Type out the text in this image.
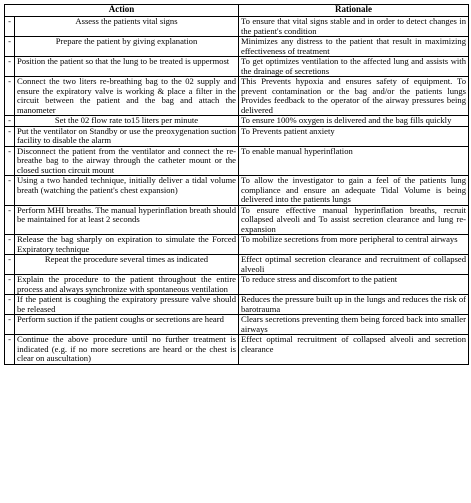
Action		Rationale
-	Assess the patients vital signs	To ensure that vital signs stable and in order to detect changes in the patient's condition
-	Prepare the patient by giving explanation	Minimizes any distress to the patient that result in maximizing effectiveness of treatment
-	Position the patient so that the lung to be treated is uppermost	To get optimizes ventilation to the affected lung and assists with the drainage of secretions
-	Connect the two liters re-breathing bag to the 02 supply and ensure the expiratory valve is working & place a filter in the circuit between the patient and the bag and attach the manometer	This Prevents hypoxia and ensures safety of equipment. To prevent contamination or the bag and/or the patients lungs Provides feedback to the operator of the airway pressures being delivered
-	Set the 02 flow rate to15 liters per minute	To ensure 100% oxygen is delivered and the bag fills quickly
-	Put the ventilator on Standby or use the preoxygenation suction facility to disable the alarm	To Prevents patient anxiety
-	Disconnect the patient from the ventilator and connect the re-breathe bag to the airway through the catheter mount or the closed suction circuit mount	To enable manual hyperinflation
-	Using a two handed technique, initially deliver a tidal volume breath (watching the patient's chest expansion)	To allow the investigator to gain a feel of the patients lung compliance and ensure an adequate Tidal Volume is being delivered into the patients lungs
-	Perform MHI breaths. The manual hyperinflation breath should be maintained for at least 2 seconds	To ensure effective manual hyperinflation breaths, recruit collapsed alveoli and To assist secretion clearance and lung re- expansion
-	Release the bag sharply on expiration to simulate the Forced Expiratory technique	To mobilize secretions from more peripheral to central airways
-	Repeat the procedure several times as indicated	Effect optimal secretion clearance and recruitment of collapsed alveoli
-	Explain the procedure to the patient throughout the entire process and always synchronize with spontaneous ventilation	To reduce stress and discomfort to the patient
-	If the patient is coughing the expiratory pressure valve should be released	Reduces the pressure built up in the lungs and reduces the risk of barotrauma
-	Perform suction if the patient coughs or secretions are heard	Clears secretions preventing them being forced back into smaller airways
-	Continue the above procedure until no further treatment is indicated (e.g. if no more secretions are heard or the chest is clear on auscultation)	Effect optimal recruitment of collapsed alveoli and secretion clearance
